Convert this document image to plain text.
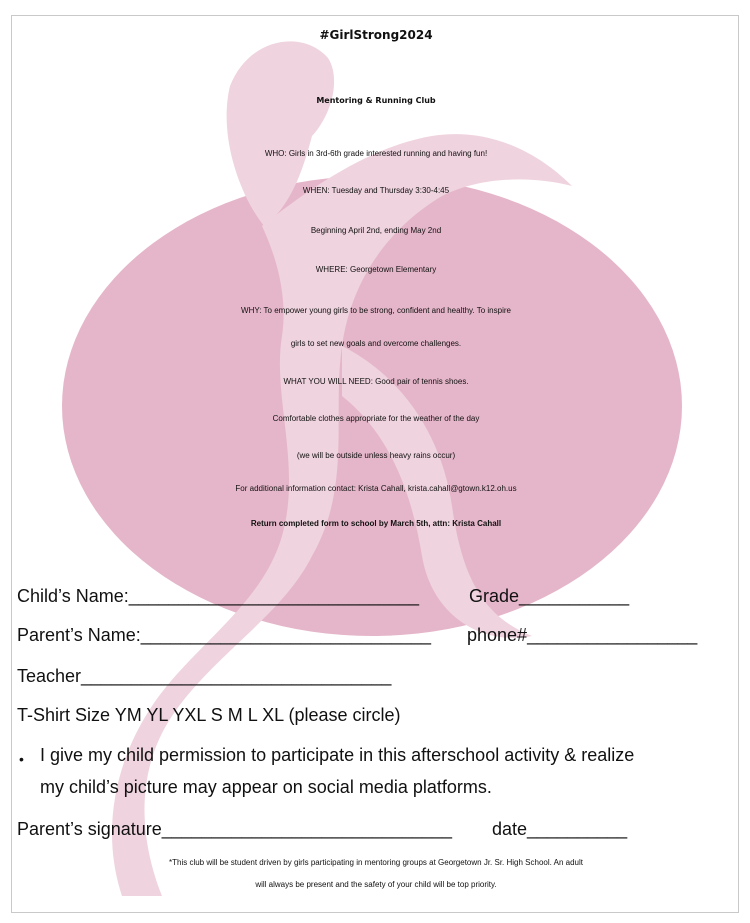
#GirlStrong2024
Mentoring & Running Club
WHO: Girls in 3rd-6th grade interested running and having fun!
WHEN: Tuesday and Thursday 3:30-4:45
Beginning April 2nd, ending May 2nd
WHERE: Georgetown Elementary
WHY: To empower young girls to be strong, confident and healthy. To inspire
girls to set new goals and overcome challenges.
WHAT YOU WILL NEED: Good pair of tennis shoes.
Comfortable clothes appropriate for the weather of the day
(we will be outside unless heavy rains occur)
For additional information contact: Krista Cahall, krista.cahall@gtown.k12.oh.us
Return completed form to school by March 5th, attn: Krista Cahall
Child’s Name:_____________________________	Grade___________
Parent’s Name:_____________________________ phone#_________________
Teacher_______________________________
T-Shirt Size YM YL YXL S M L XL (please circle)
• I give my child permission to participate in this afterschool activity & realize
my child’s picture may appear on social media platforms.
Parent’s signature_____________________________ date__________
*This club will be student driven by girls participating in mentoring groups at Georgetown Jr. Sr. High School. An adult
will always be present and the safety of your child will be top priority.
